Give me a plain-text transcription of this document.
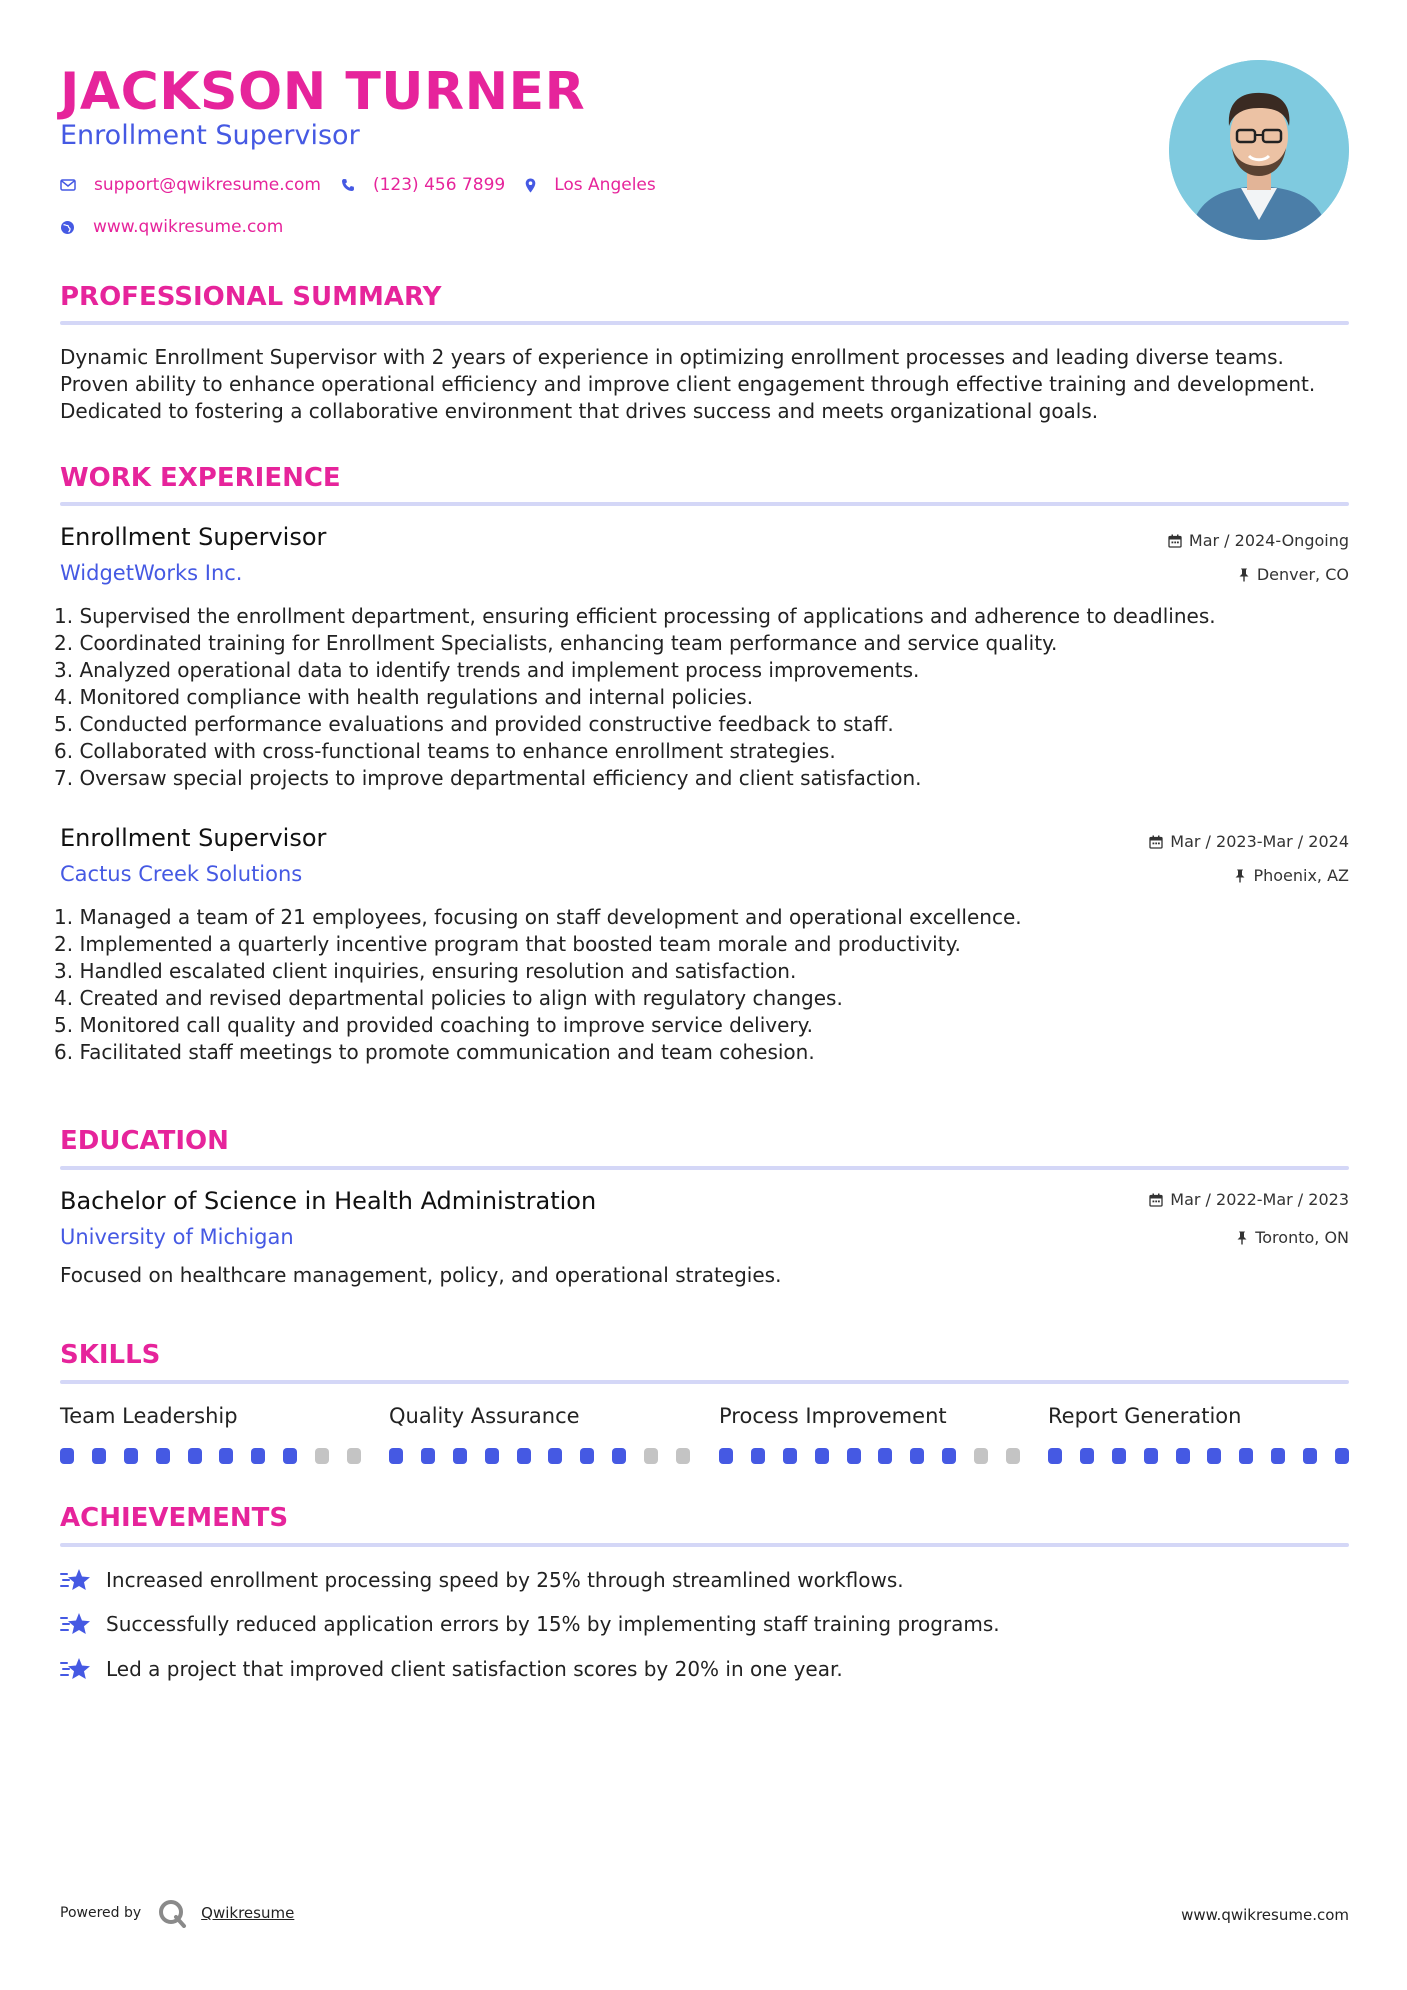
JACKSON TURNER
Enrollment Supervisor
support@qwikresume.com	(123) 456 7899	Los Angeles
www.qwikresume.com
PROFESSIONAL SUMMARY
Dynamic Enrollment Supervisor with 2 years of experience in optimizing enrollment processes and leading diverse teams. Proven ability to enhance operational efficiency and improve client engagement through effective training and development. Dedicated to fostering a collaborative environment that drives success and meets organizational goals.
WORK EXPERIENCE
Enrollment Supervisor	Mar / 2024-Ongoing
WidgetWorks Inc.	Denver, CO
1. Supervised the enrollment department, ensuring efficient processing of applications and adherence to deadlines.
2. Coordinated training for Enrollment Specialists, enhancing team performance and service quality.
3. Analyzed operational data to identify trends and implement process improvements.
4. Monitored compliance with health regulations and internal policies.
5. Conducted performance evaluations and provided constructive feedback to staff.
6. Collaborated with cross-functional teams to enhance enrollment strategies.
7. Oversaw special projects to improve departmental efficiency and client satisfaction.
Enrollment Supervisor	Mar / 2023-Mar / 2024
Cactus Creek Solutions	Phoenix, AZ
1. Managed a team of 21 employees, focusing on staff development and operational excellence.
2. Implemented a quarterly incentive program that boosted team morale and productivity.
3. Handled escalated client inquiries, ensuring resolution and satisfaction.
4. Created and revised departmental policies to align with regulatory changes.
5. Monitored call quality and provided coaching to improve service delivery.
6. Facilitated staff meetings to promote communication and team cohesion.
EDUCATION
Bachelor of Science in Health Administration	Mar / 2022-Mar / 2023
University of Michigan	Toronto, ON
Focused on healthcare management, policy, and operational strategies.
SKILLS
Team Leadership	Quality Assurance	Process Improvement	Report Generation
ACHIEVEMENTS
Increased enrollment processing speed by 25% through streamlined workflows.
Successfully reduced application errors by 15% by implementing staff training programs.
Led a project that improved client satisfaction scores by 20% in one year.
Powered by	Qwikresume	www.qwikresume.com
